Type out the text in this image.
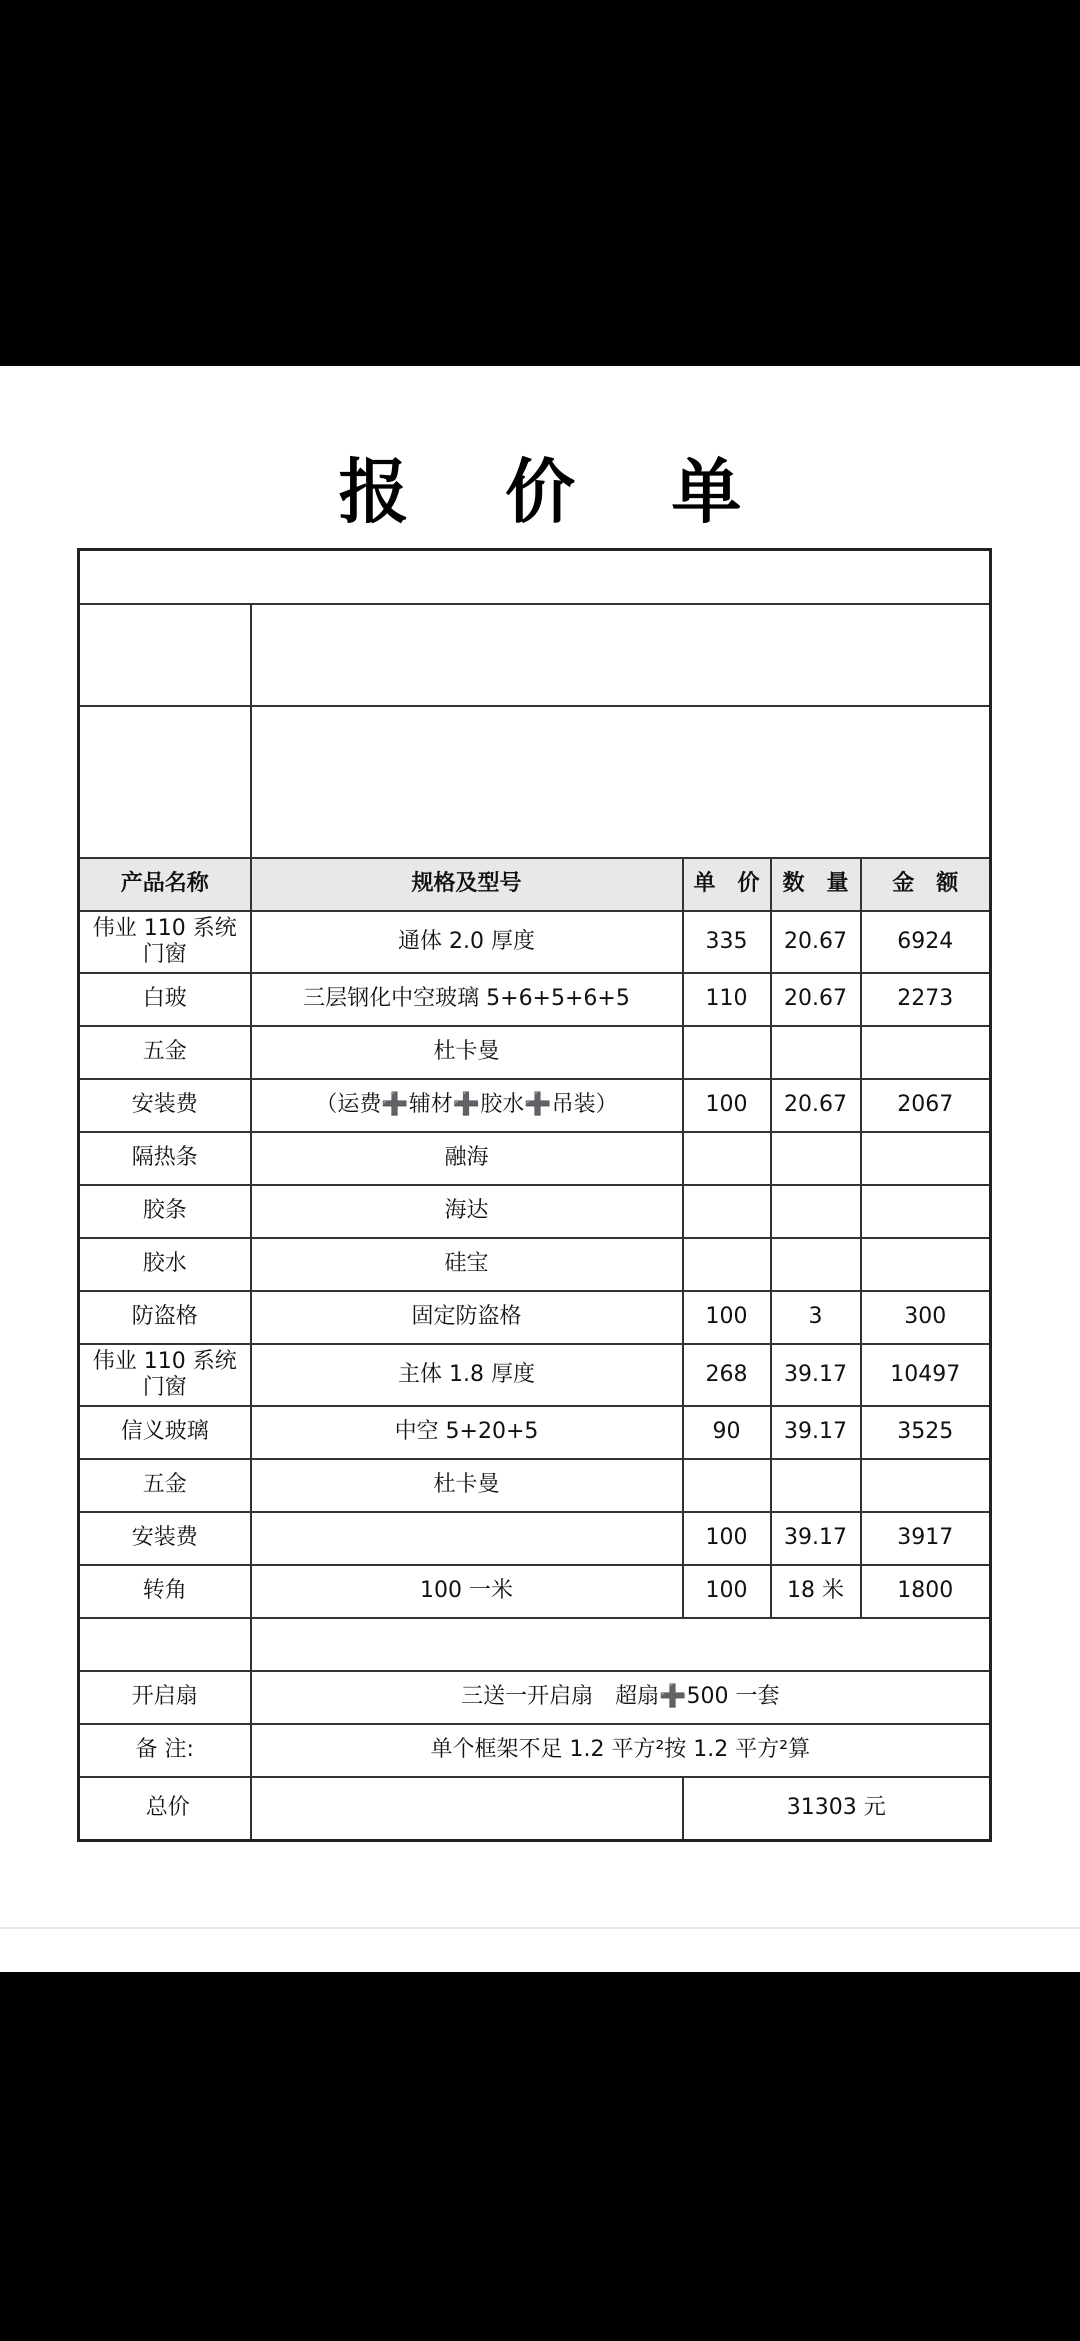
报 价 单

产品名称	规格及型号	单　价	数　量	金　额
伟业 110 系统门窗	通体 2.0 厚度	335	20.67	6924
白玻	三层钢化中空玻璃 5+6+5+6+5	110	20.67	2273
五金	杜卡曼			
安装费	（运费➕辅材➕胶水➕吊装）	100	20.67	2067
隔热条	融海			
胶条	海达			
胶水	硅宝			
防盗格	固定防盗格	100	3	300
伟业 110 系统门窗	主体 1.8 厚度	268	39.17	10497
信义玻璃	中空 5+20+5	90	39.17	3525
五金	杜卡曼			
安装费		100	39.17	3917
转角	100 一米	100	18 米	1800

开启扇	三送一开启扇　超扇➕500 一套			
备 注:	单个框架不足 1.2 平方²按 1.2 平方²算			
总价		31303 元		
